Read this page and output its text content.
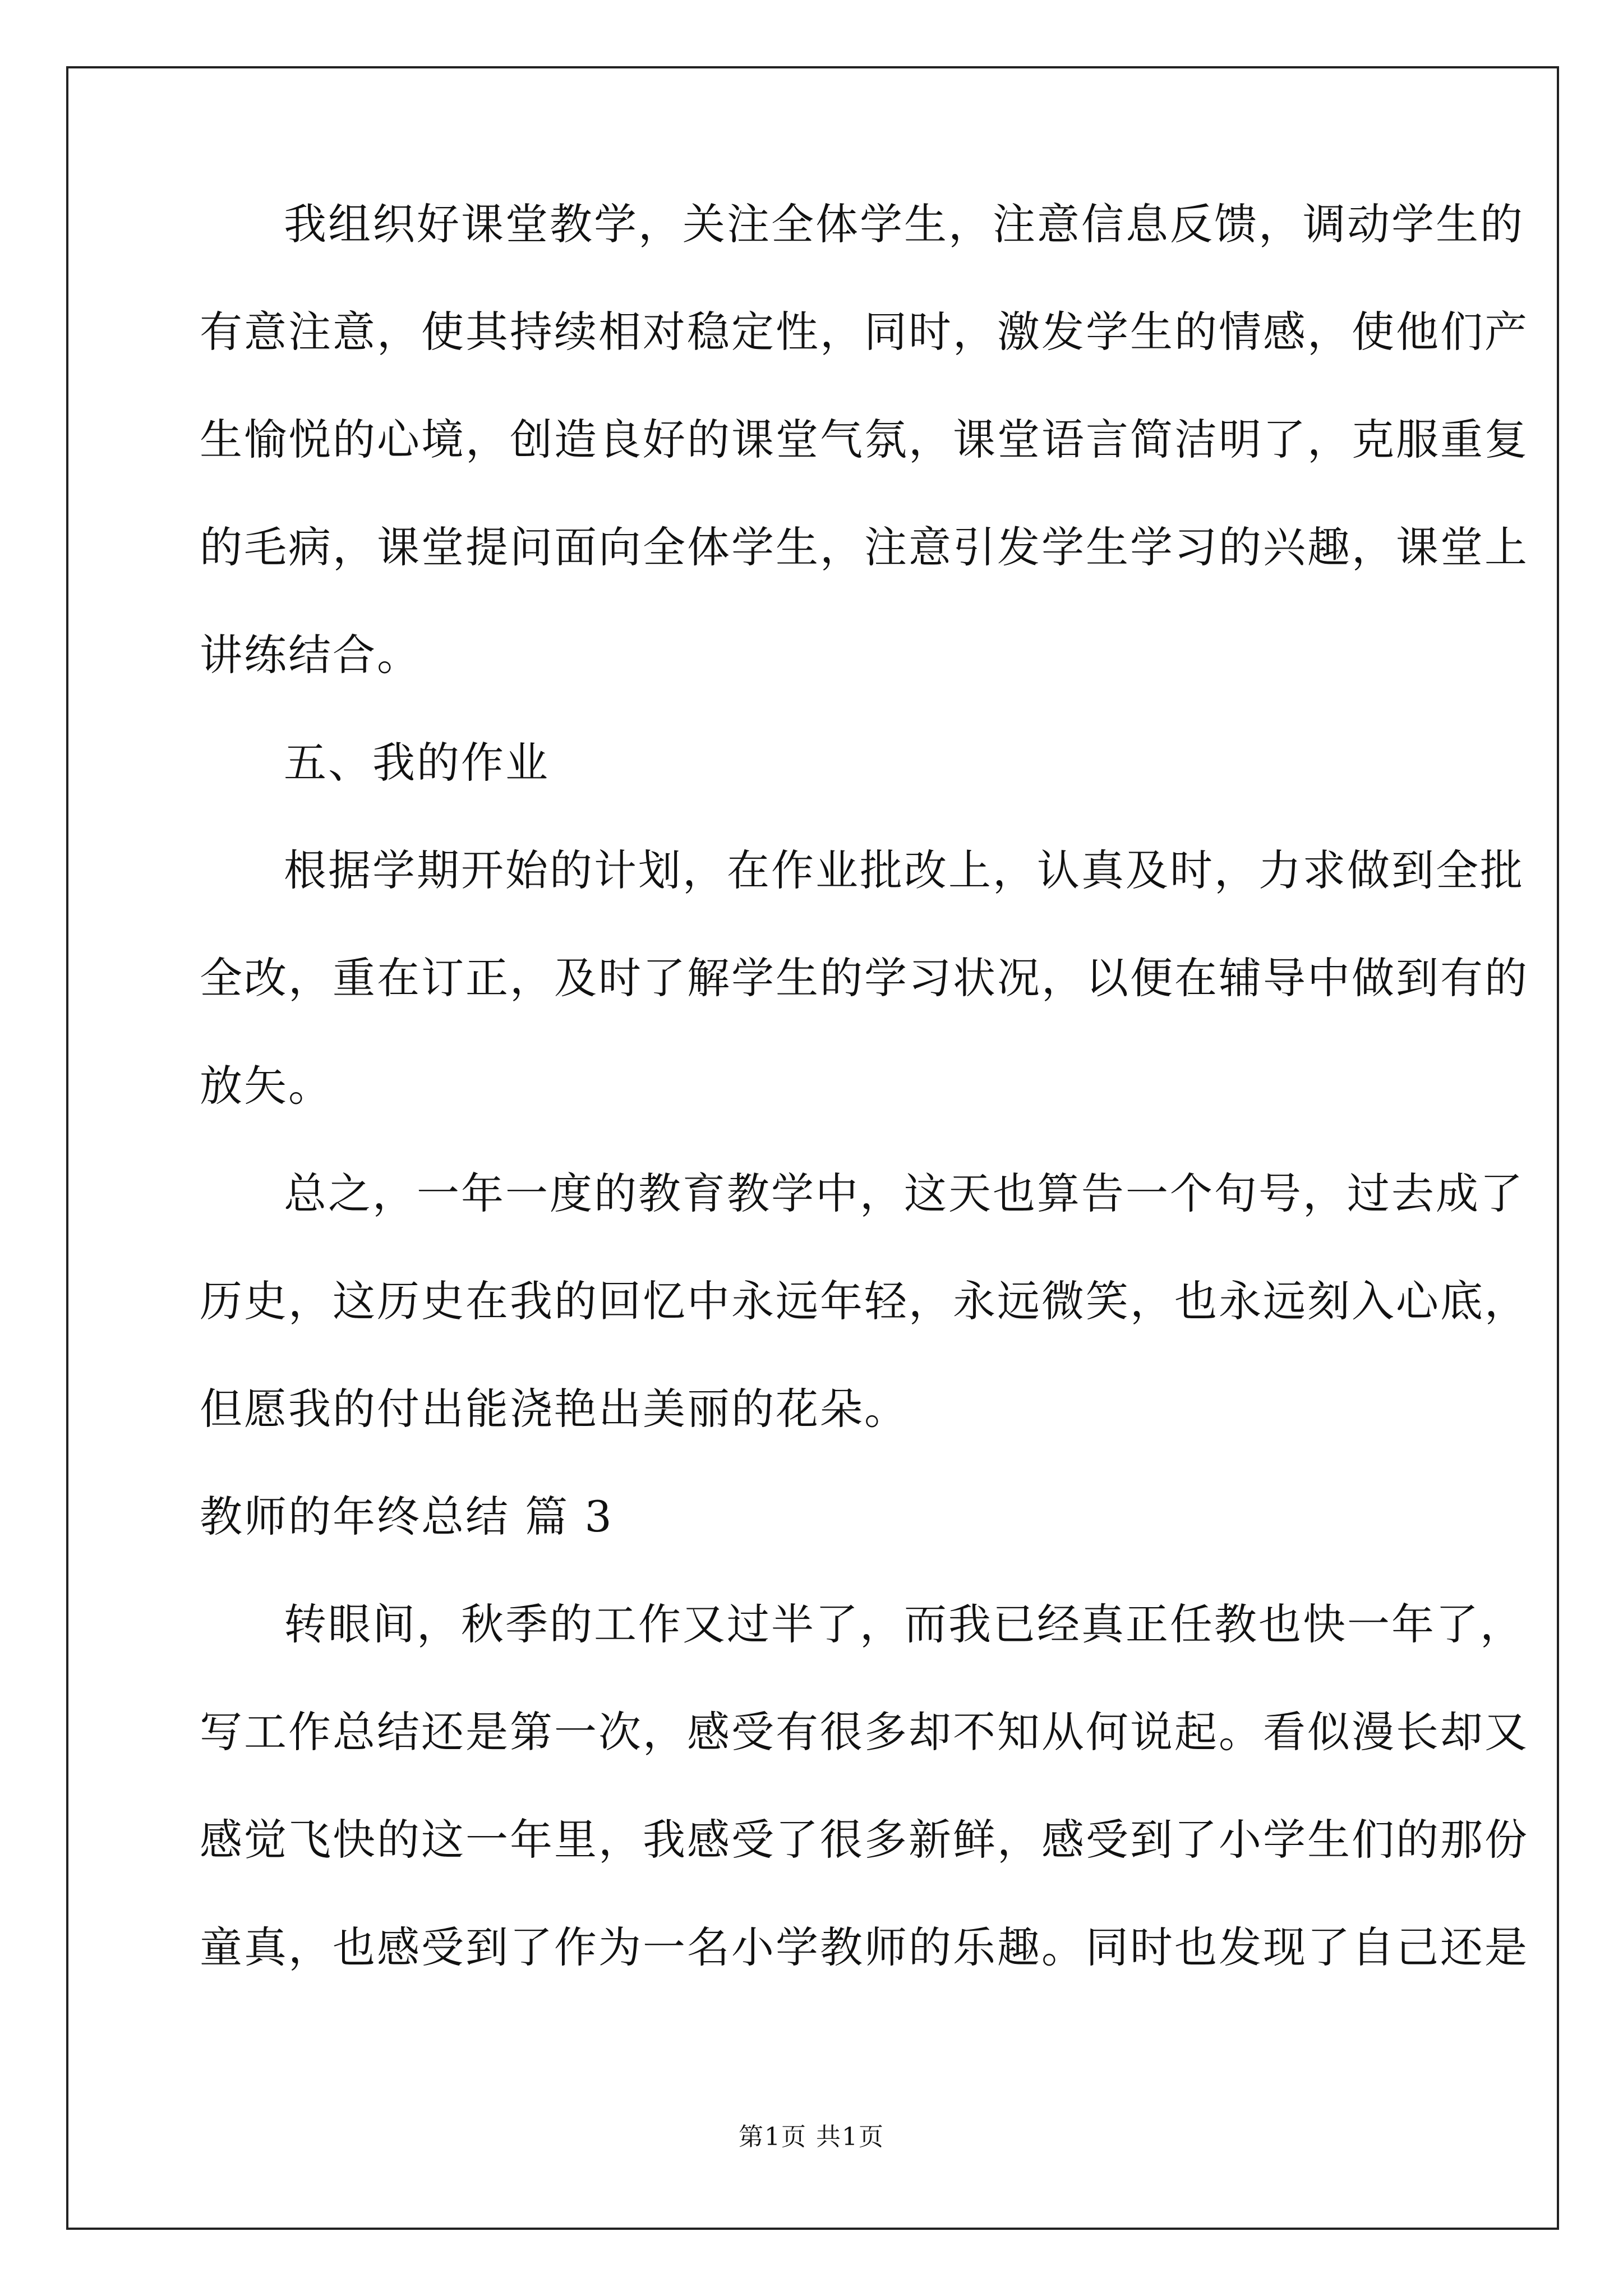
我组织好课堂教学，关注全体学生，注意信息反馈，调动学生的
有意注意，使其持续相对稳定性，同时，激发学生的情感，使他们产
生愉悦的心境，创造良好的课堂气氛，课堂语言简洁明了，克服重复
的毛病，课堂提问面向全体学生，注意引发学生学习的兴趣，课堂上
讲练结合。
五、我的作业
根据学期开始的计划，在作业批改上，认真及时，力求做到全批
全改，重在订正，及时了解学生的学习状况，以便在辅导中做到有的
放矢。
总之，一年一度的教育教学中，这天也算告一个句号，过去成了
历史，这历史在我的回忆中永远年轻，永远微笑，也永远刻入心底，
但愿我的付出能浇艳出美丽的花朵。
教师的年终总结 篇 3
转眼间，秋季的工作又过半了，而我已经真正任教也快一年了，
写工作总结还是第一次，感受有很多却不知从何说起。看似漫长却又
感觉飞快的这一年里，我感受了很多新鲜，感受到了小学生们的那份
童真，也感受到了作为一名小学教师的乐趣。同时也发现了自己还是
第1页 共1页
